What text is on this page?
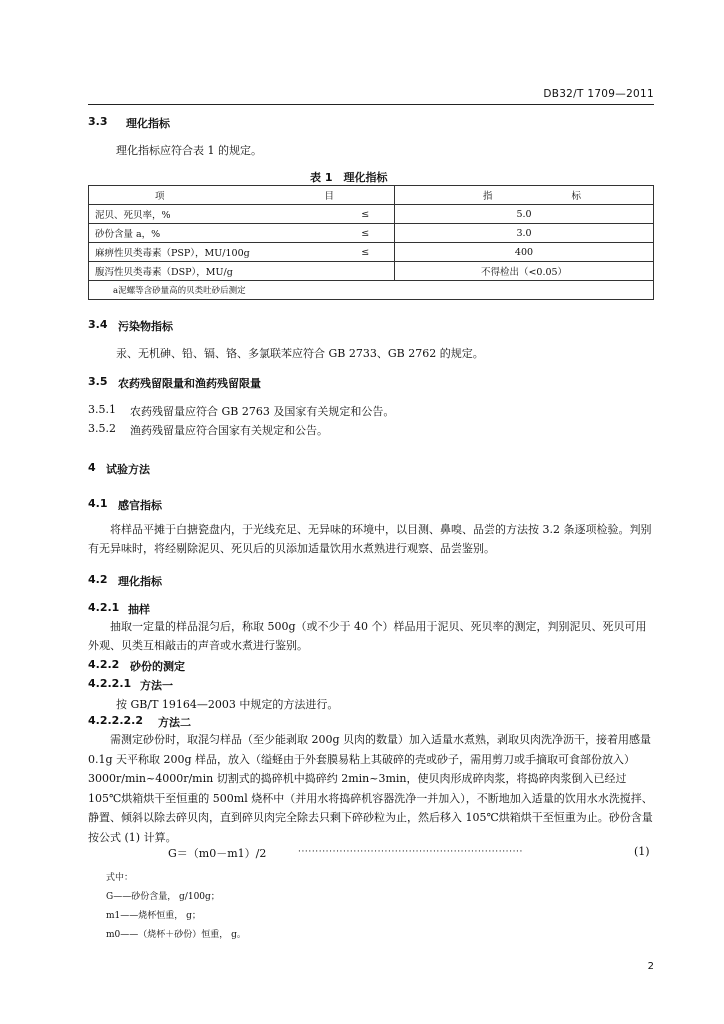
DB32/T 1709—2011
3.3 理化指标
理化指标应符合表 1 的规定。
表 1　理化指标
项 目		指 标

泥贝、死贝率，%	≤	5.0
砂份含量 a，%	≤	3.0
麻痹性贝类毒素（PSP），MU/100g	≤	400
腹泻性贝类毒素（DSP），MU/g		不得检出（<0.05）
a泥螺等含砂量高的贝类吐砂后测定		
3.4 污染物指标
汞、无机砷、铅、镉、铬、多氯联苯应符合 GB 2733、GB 2762 的规定。
3.5 农药残留限量和渔药残留限量
3.5.1 农药残留量应符合 GB 2763 及国家有关规定和公告。
3.5.2 渔药残留量应符合国家有关规定和公告。
4 试验方法
4.1 感官指标
将样品平摊于白搪瓷盘内，于光线充足、无异味的环境中，以目测、鼻嗅、品尝的方法按 3.2 条逐项检验。判别有无异味时，将经剔除泥贝、死贝后的贝添加适量饮用水煮熟进行观察、品尝鉴别。
4.2 理化指标
4.2.1 抽样
抽取一定量的样品混匀后，称取 500g（或不少于 40 个）样品用于泥贝、死贝率的测定，判别泥贝、死贝可用外观、贝类互相敲击的声音或水煮进行鉴别。
4.2.2 砂份的测定
4.2.2.1 方法一
按 GB/T 19164—2003 中规定的方法进行。
4.2.2.2.2 方法二
需测定砂份时，取混匀样品（至少能剥取 200g 贝肉的数量）加入适量水煮熟，剥取贝肉洗净沥干，接着用感量 0.1g 天平称取 200g 样品，放入（缢蛏由于外套膜易粘上其破碎的壳或砂子，需用剪刀或手摘取可食部份放入）3000r/min~4000r/min 切割式的捣碎机中捣碎约 2min~3min，使贝肉形成碎肉浆，将捣碎肉浆倒入已经过 105℃烘箱烘干至恒重的 500ml 烧杯中（并用水将捣碎机容器洗净一并加入），不断地加入适量的饮用水水洗搅拌、静置、倾斜以除去碎贝肉，直到碎贝肉完全除去只剩下碎砂粒为止，然后移入 105℃烘箱烘干至恒重为止。砂份含量按公式 (1) 计算。
G＝（m0－m1）/2	·································································	(1)
式中：
G——砂份含量， g/100g；
m1——烧杯恒重， g；
m0——（烧杯＋砂份）恒重， g。
2
